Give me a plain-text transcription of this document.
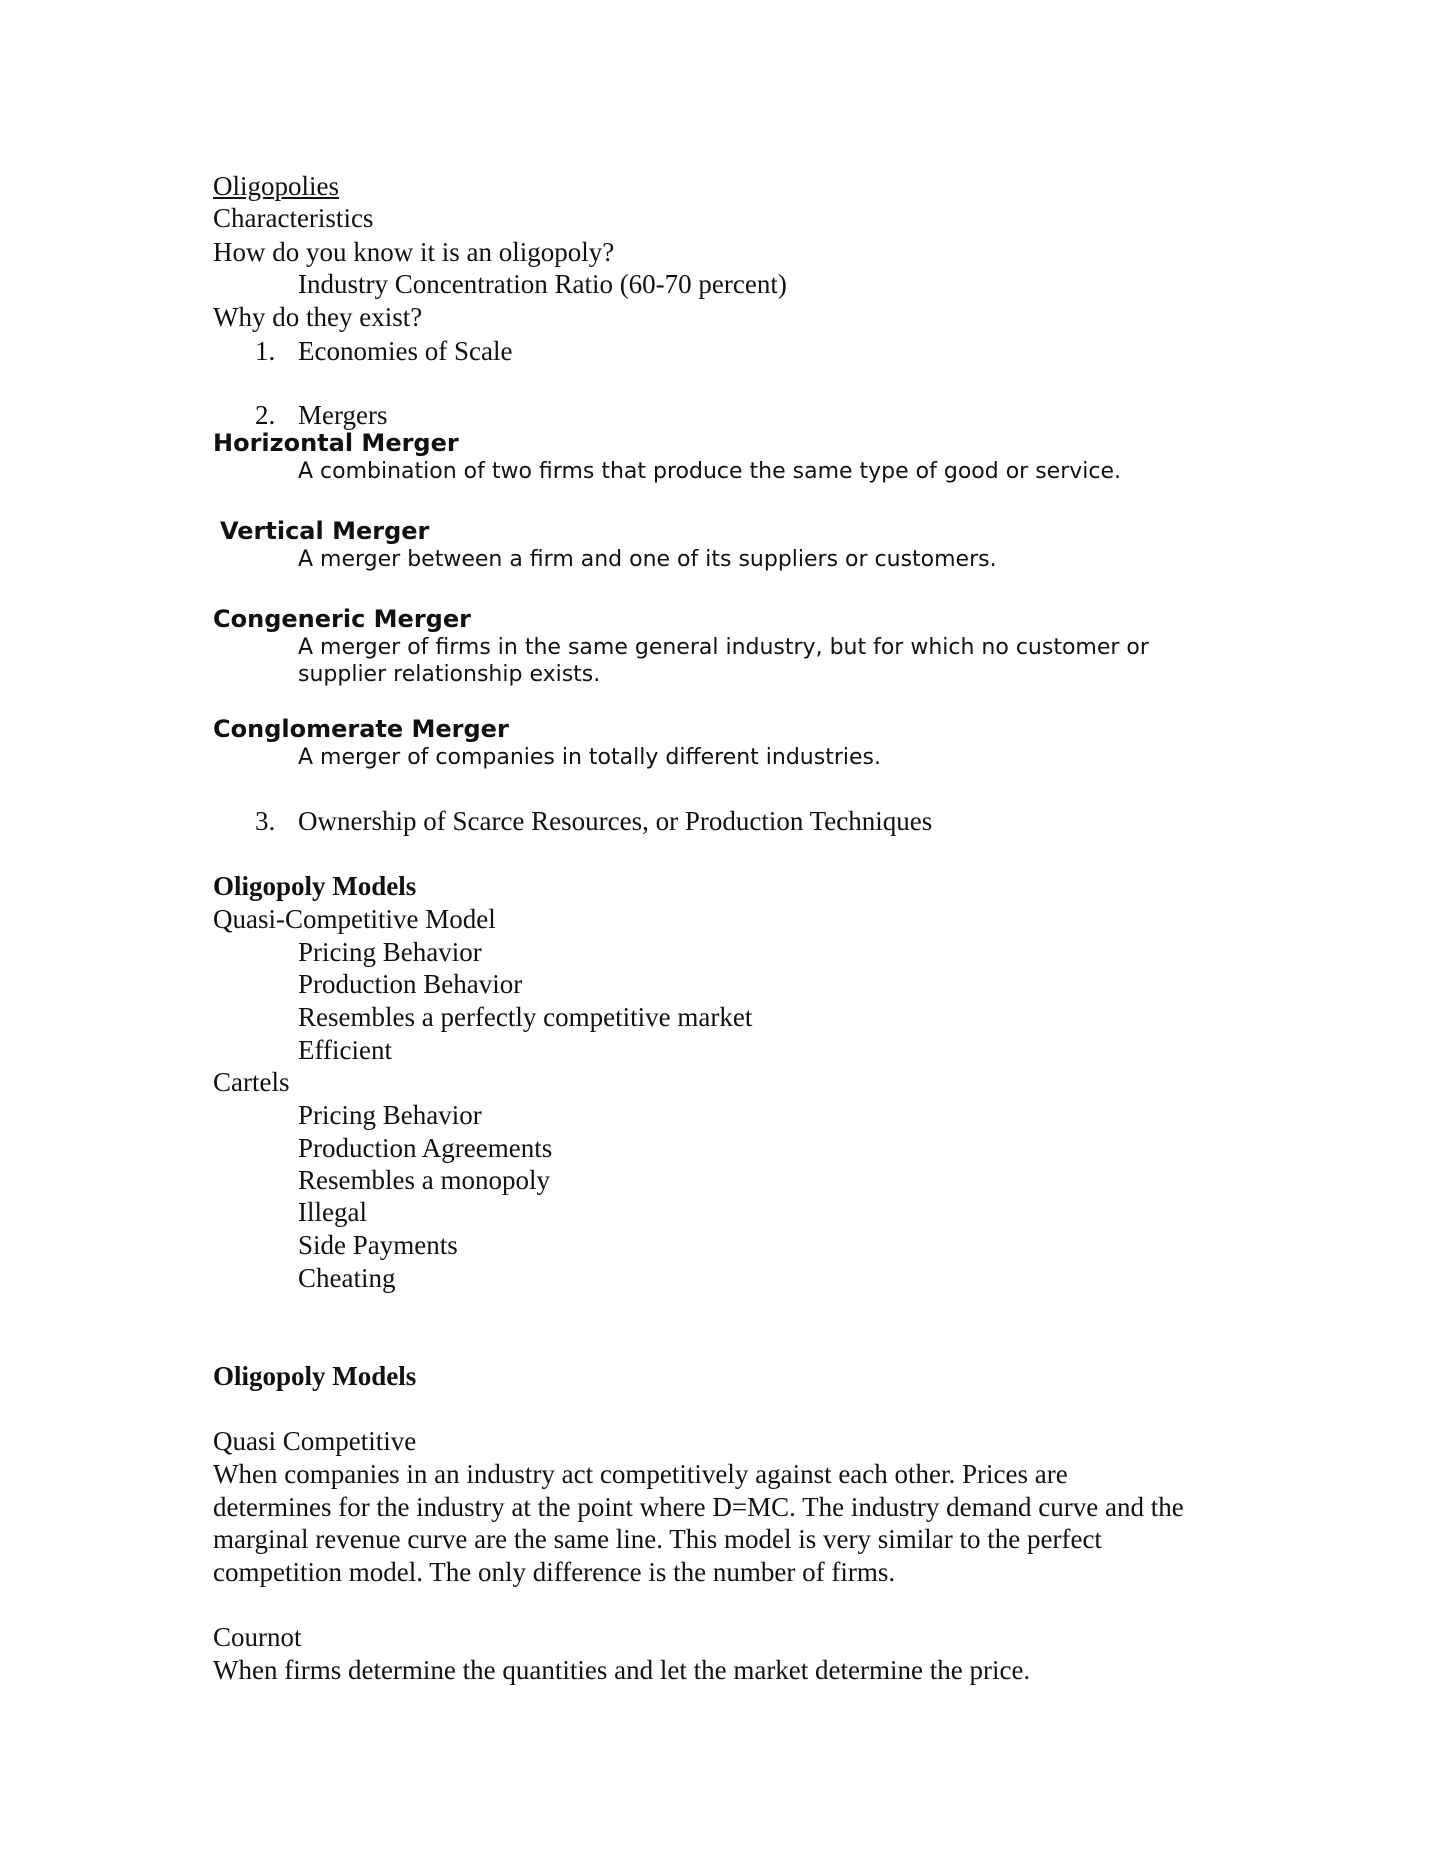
Oligopolies

Characteristics

How do you know it is an oligopoly?

Industry Concentration Ratio (60-70 percent)

Why do they exist?

1. Economies of Scale
2. Mergers

Horizontal Merger

A combination of two firms that produce the same type of good or service.

Vertical Merger

A merger between a firm and one of its suppliers or customers.

Congeneric Merger

A merger of firms in the same general industry, but for which no customer or

supplier relationship exists.

Conglomerate Merger

A merger of companies in totally different industries.

3. Ownership of Scarce Resources, or Production Techniques

Oligopoly Models

Quasi-Competitive Model

Pricing Behavior

Production Behavior

Resembles a perfectly competitive market

Efficient

Cartels

Pricing Behavior

Production Agreements

Resembles a monopoly

Illegal

Side Payments

Cheating

Oligopoly Models

Quasi Competitive

When companies in an industry act competitively against each other. Prices are

determines for the industry at the point where D=MC. The industry demand curve and the

marginal revenue curve are the same line. This model is very similar to the perfect

competition model. The only difference is the number of firms.

Cournot

When firms determine the quantities and let the market determine the price.
